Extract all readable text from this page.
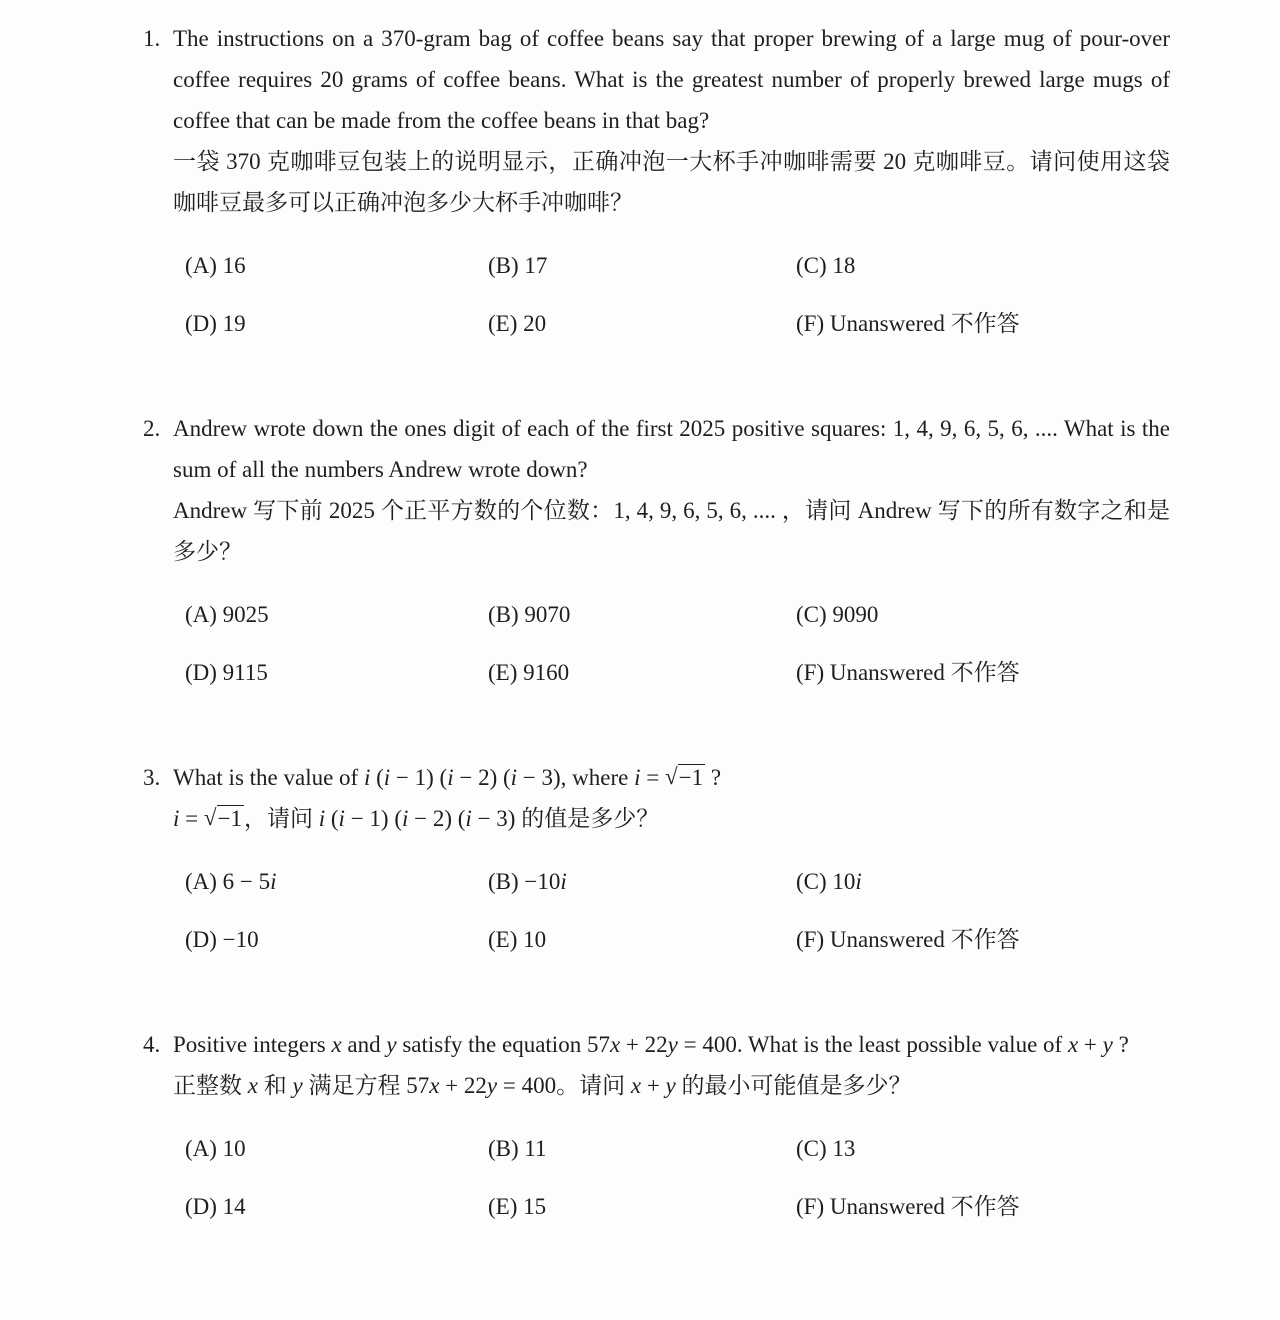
1. The instructions on a 370-gram bag of coffee beans say that proper brewing of a large mug of pour-over coffee requires 20 grams of coffee beans. What is the greatest number of properly brewed large mugs of coffee that can be made from the coffee beans in that bag?

一袋 370 克咖啡豆包装上的说明显示，正确冲泡一大杯手冲咖啡需要 20 克咖啡豆。请问使用这袋咖啡豆最多可以正确冲泡多少大杯手冲咖啡？

(A) 16	(B) 17	(C) 18
(D) 19	(E) 20	(F) Unanswered 不作答
2. Andrew wrote down the ones digit of each of the first 2025 positive squares: 1, 4, 9, 6, 5, 6, .... What is the sum of all the numbers Andrew wrote down?

Andrew 写下前 2025 个正平方数的个位数：1, 4, 9, 6, 5, 6, .... ，请问 Andrew 写下的所有数字之和是多少？

(A) 9025	(B) 9070	(C) 9090
(D) 9115	(E) 9160	(F) Unanswered 不作答
3. What is the value of i (i − 1) (i − 2) (i − 3), where i = √−1 ?

i = √−1，请问 i (i − 1) (i − 2) (i − 3) 的值是多少？

(A) 6 − 5i	(B) −10i	(C) 10i
(D) −10	(E) 10	(F) Unanswered 不作答
4. Positive integers x and y satisfy the equation 57x + 22y = 400. What is the least possible value of x + y ?

正整数 x 和 y 满足方程 57x + 22y = 400。请问 x + y 的最小可能值是多少？

(A) 10	(B) 11	(C) 13
(D) 14	(E) 15	(F) Unanswered 不作答
